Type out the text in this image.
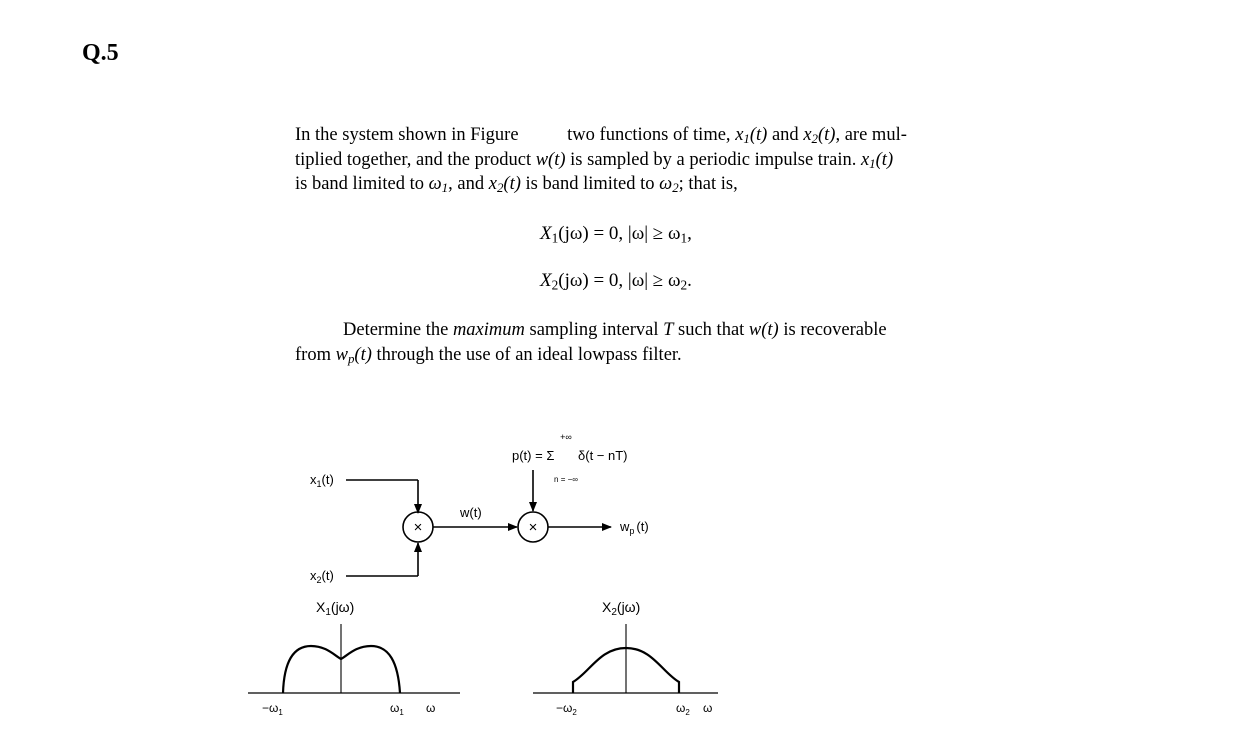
Q.5
In the system shown in Figure	two functions of time, $x_1(t)$ and $x_2(t)$, are mul-
tiplied together, and the product w(t) is sampled by a periodic impulse train. $x_1(t)$
is band limited to $\omega_1$, and $x_2(t)$ is band limited to $\omega_2$; that is,
$X_1(j\omega) = 0$, $|\omega| \ge \omega_1$,
$X_2(j\omega) = 0$, $|\omega| \ge \omega_2$.
Determine the maximum sampling interval T such that w(t) is recoverable
from $w_p(t)$ through the use of an ideal lowpass filter.
$x_1(t)$
$x_2(t)$
×
w(t)
×
+∞
p(t) = Σ δ(t − nT)
n = −∞
$w_p$ (t)
$X_1(j\omega)$
$-\omega_1$	$\omega_1$ ω
$X_2(j\omega)$
$-\omega_2$	$\omega_2$ ω
